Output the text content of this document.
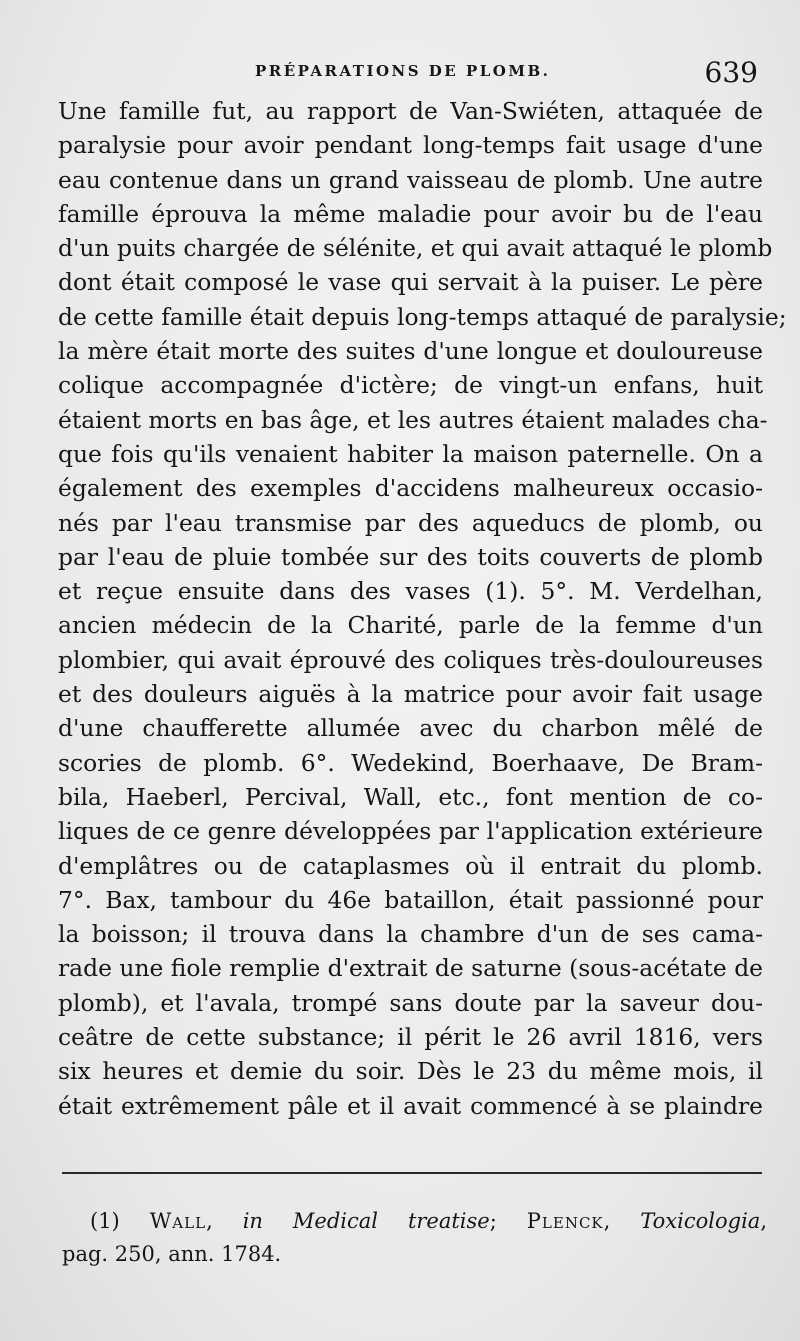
PRÉPARATIONS DE PLOMB.	639
Une famille fut, au rapport de Van-Swiéten, attaquée de
paralysie pour avoir pendant long-temps fait usage d'une
eau contenue dans un grand vaisseau de plomb. Une autre
famille éprouva la même maladie pour avoir bu de l'eau
d'un puits chargée de sélénite, et qui avait attaqué le plomb
dont était composé le vase qui servait à la puiser. Le père
de cette famille était depuis long-temps attaqué de paralysie;
la mère était morte des suites d'une longue et douloureuse
colique accompagnée d'ictère; de vingt-un enfans, huit
étaient morts en bas âge, et les autres étaient malades cha-
que fois qu'ils venaient habiter la maison paternelle. On a
également des exemples d'accidens malheureux occasio-
nés par l'eau transmise par des aqueducs de plomb, ou
par l'eau de pluie tombée sur des toits couverts de plomb
et reçue ensuite dans des vases (1). 5°. M. Verdelhan,
ancien médecin de la Charité, parle de la femme d'un
plombier, qui avait éprouvé des coliques très-douloureuses
et des douleurs aiguës à la matrice pour avoir fait usage
d'une chaufferette allumée avec du charbon mêlé de
scories de plomb. 6°. Wedekind, Boerhaave, De Bram-
bila, Haeberl, Percival, Wall, etc., font mention de co-
liques de ce genre développées par l'application extérieure
d'emplâtres ou de cataplasmes où il entrait du plomb.
7°. Bax, tambour du 46e bataillon, était passionné pour
la boisson; il trouva dans la chambre d'un de ses cama-
rade une fiole remplie d'extrait de saturne (sous-acétate de
plomb), et l'avala, trompé sans doute par la saveur dou-
ceâtre de cette substance; il périt le 26 avril 1816, vers
six heures et demie du soir. Dès le 23 du même mois, il
était extrêmement pâle et il avait commencé à se plaindre
(1) Wall, in Medical treatise; Plenck, Toxicologia,
pag. 250, ann. 1784.
